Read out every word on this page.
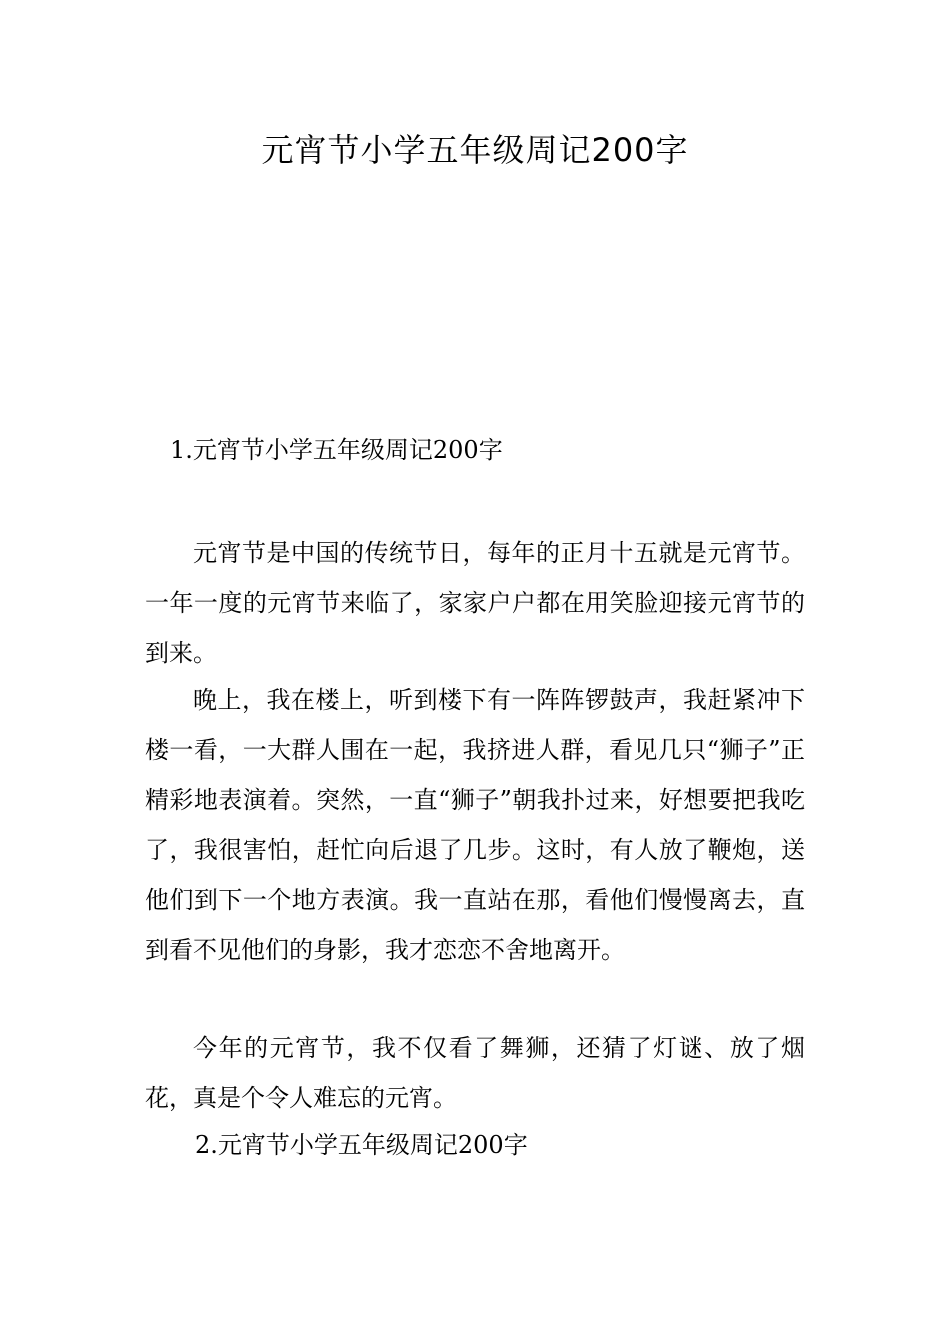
元宵节小学五年级周记200字
1.元宵节小学五年级周记200字

元宵节是中国的传统节日，每年的正月十五就是元宵节。一年一度的元宵节来临了，家家户户都在用笑脸迎接元宵节的到来。

晚上，我在楼上，听到楼下有一阵阵锣鼓声，我赶紧冲下楼一看，一大群人围在一起，我挤进人群，看见几只“狮子”正精彩地表演着。突然，一直“狮子”朝我扑过来，好想要把我吃了，我很害怕，赶忙向后退了几步。这时，有人放了鞭炮，送他们到下一个地方表演。我一直站在那，看他们慢慢离去，直到看不见他们的身影，我才恋恋不舍地离开。

今年的元宵节，我不仅看了舞狮，还猜了灯谜、放了烟花，真是个令人难忘的元宵。

2.元宵节小学五年级周记200字
